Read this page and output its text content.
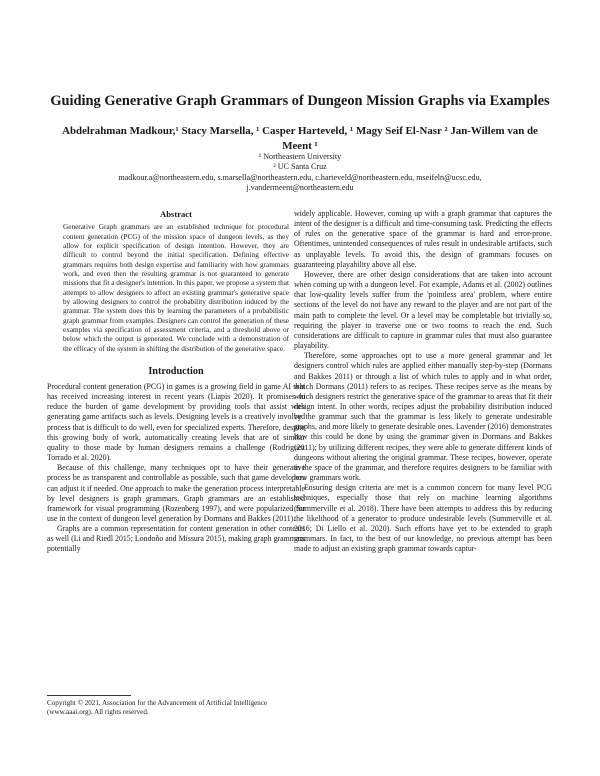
Guiding Generative Graph Grammars of Dungeon Mission Graphs via Examples
Abdelrahman Madkour,¹ Stacy Marsella, ¹ Casper Harteveld, ¹ Magy Seif El-Nasr ² Jan-Willem van de Meent ¹
¹ Northeastern University
² UC Santa Cruz
madkour.a@northeastern.edu, s.marsella@northeastern.edu, c.harteveld@northeastern.edu, mseifeln@ucsc.edu,
j.vandermeent@northeastern.edu
Abstract

Generative Graph grammars are an established technique for procedural content generation (PCG) of the mission space of dungeon levels, as they allow for explicit specification of design intention. However, they are difficult to control beyond the initial specification. Defining effective grammars requires both design expertise and familiarity with how grammars work, and even then the resulting grammar is not guaranteed to generate missions that fit a designer's intention. In this paper, we propose a system that attempts to allow designers to affect an existing grammar's generative space by allowing designers to control the probability distribution induced by the grammar. The system does this by learning the parameters of a probabilistic graph grammar from examples. Designers can control the generation of these examples via specification of assessment criteria, and a threshold above or below which the output is generated. We conclude with a demonstration of the efficacy of the system in shifting the distribution of the generative space.

Introduction

Procedural content generation (PCG) in games is a growing field in game AI that has received increasing interest in recent years (Liapis 2020). It promises to reduce the burden of game development by providing tools that assist with generating game artifacts such as levels. Designing levels is a creatively involved process that is difficult to do well, even for specialized experts. Therefore, despite this growing body of work, automatically creating levels that are of similar quality to those made by human designers remains a challenge (Rodriguez Torrado et al. 2020).

Because of this challenge, many techniques opt to have their generative process be as transparent and controllable as possible, such that game developers can adjust it if needed. One approach to make the generation process interpretable by level designers is graph grammars. Graph grammars are an established framework for visual programming (Rozenberg 1997), and were popularized for use in the context of dungeon level generation by Dormans and Bakkes (2011).

Graphs are a common representation for content generation in other contexts as well (Li and Riedl 2015; Londoño and Missura 2015), making graph grammars potentially

Copyright © 2021, Association for the Advancement of Artificial Intelligence (www.aaai.org). All rights reserved.

widely applicable. However, coming up with a graph grammar that captures the intent of the designer is a difficult and time-consuming task. Predicting the effects of rules on the generative space of the grammar is hard and error-prone. Oftentimes, unintended consequences of rules result in undesirable artifacts, such as unplayable levels. To avoid this, the design of grammars focuses on guaranteeing playability above all else.

However, there are other design considerations that are taken into account when coming up with a dungeon level. For example, Adams et al. (2002) outlines that low-quality levels suffer from the 'pointless area' problem, where entire sections of the level do not have any reward to the player and are not part of the main path to complete the level. Or a level may be completable but trivially so, requiring the player to traverse one or two rooms to reach the end. Such considerations are difficult to capture in grammar rules that must also guarantee playability.

Therefore, some approaches opt to use a more general grammar and let designers control which rules are applied either manually step-by-step (Dormans and Bakkes 2011) or through a list of which rules to apply and in what order, which Dormans (2011) refers to as recipes. These recipes serve as the means by which designers restrict the generative space of the grammar to areas that fit their design intent. In other words, recipes adjust the probability distribution induced by the grammar such that the grammar is less likely to generate undesirable graphs, and more likely to generate desirable ones. Lavender (2016) demonstrates how this could be done by using the grammar given in Dormans and Bakkes (2011); by utilizing different recipes, they were able to generate different kinds of dungeons without altering the original grammar. These recipes, however, operate in the space of the grammar, and therefore requires designers to be familiar with how grammars work.

Ensuring design criteria are met is a common concern for many level PCG techniques, especially those that rely on machine learning algorithms (Summerville et al. 2018). There have been attempts to address this by reducing the likelihood of a generator to produce undesirable levels (Summerville et al. 2016; Di Liello et al. 2020). Such efforts have yet to be extended to graph grammars. In fact, to the best of our knowledge, no previous attempt has been made to adjust an existing graph grammar towards captur-
